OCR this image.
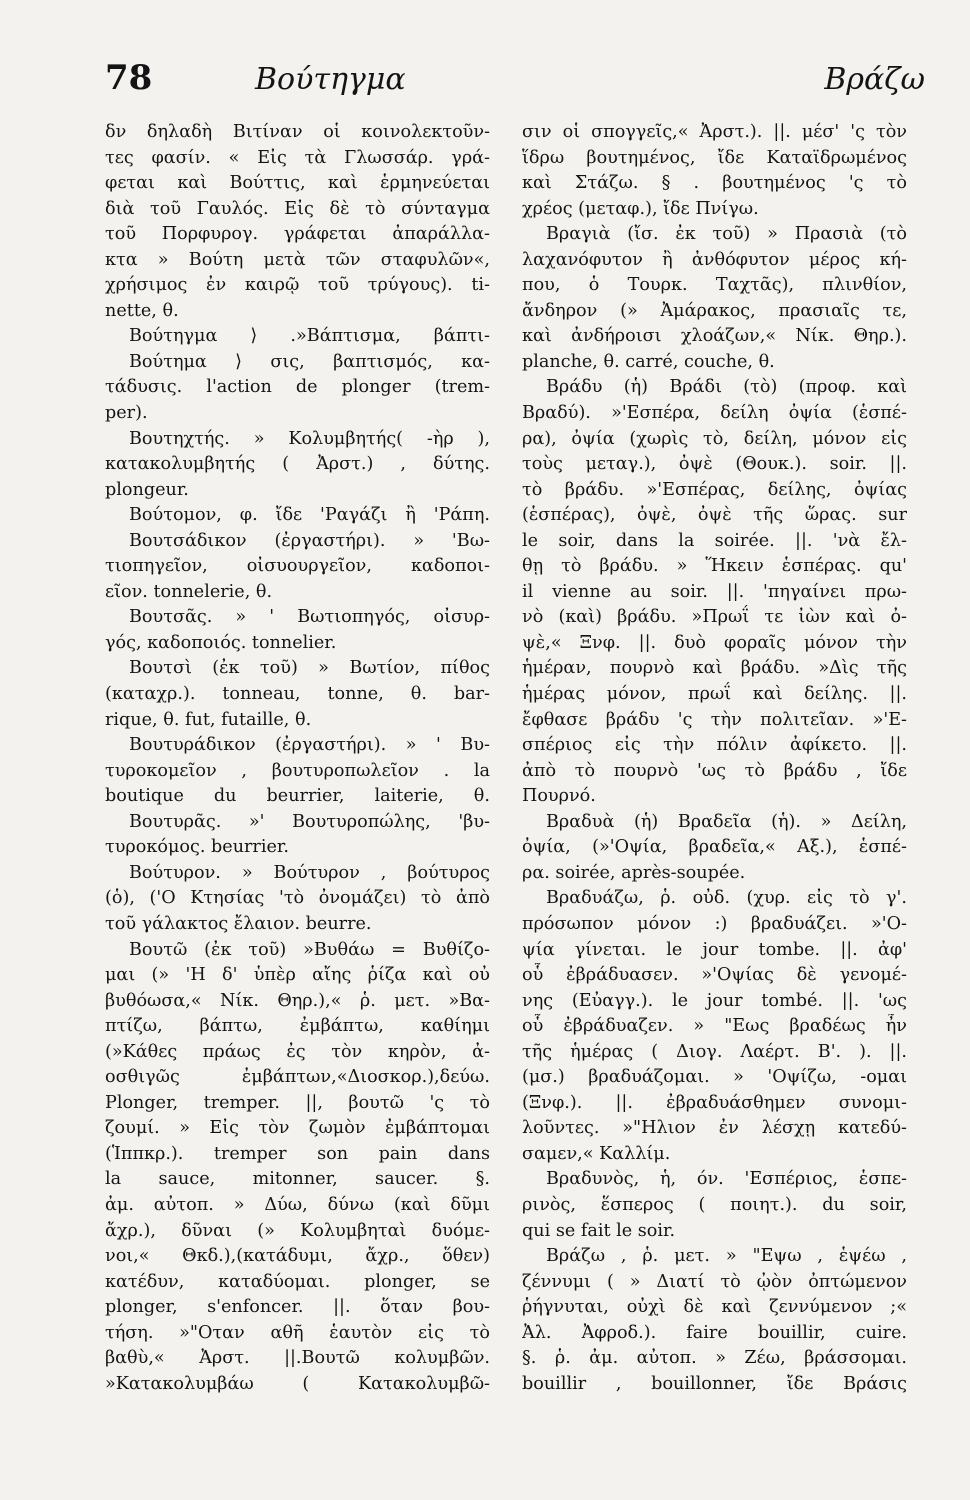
78	Βούτηγμα	Βράζω
δν δηλαδὴ Βιτίναν οἱ κοινολεκτοῦν-
τες φασίν. « Εἰς τὰ Γλωσσάρ. γρά-
φεται καὶ Βούττις, καὶ ἑρμηνεύεται
διὰ τοῦ Γαυλός. Εἰς δὲ τὸ σύνταγμα
τοῦ Πορφυρογ. γράφεται ἀπαράλλα-
κτα » Βούτη μετὰ τῶν σταφυλῶν«,
χρήσιμος ἐν καιρῷ τοῦ τρύγους). ti-
nette, θ.
Βούτηγμα ⟩ .»Βάπτισμα, βάπτι-
Βούτημα ⟩ σις, βαπτισμός, κα-
τάδυσις. l'action de plonger (trem-
per).
Βουτηχτής. » Κολυμβητής( -ὴρ ),
κατακολυμβητής ( Ἀρστ.) , δύτης.
plongeur.
Βούτομον, φ. ἴδε 'Ραγάζι ἢ 'Ράπη.
Βουτσάδικον (ἐργαστήρι). » 'Βω-
τιοπηγεῖον, οἰσυουργεῖον, καδοποι-
εῖον. tonnelerie, θ.
Βουτσᾶς. » ' Βωτιοπηγός, οἰσυρ-
γός, καδοποιός. tonnelier.
Βουτσὶ (ἐκ τοῦ) » Βωτίον, πίθος
(καταχρ.). tonneau, tonne, θ. bar-
rique, θ. fut, futaille, θ.
Βουτυράδικον (ἐργαστήρι). » ' Βυ-
τυροκομεῖον , βουτυροπωλεῖον . la
boutique du beurrier, laiterie, θ.
Βουτυρᾶς. »' Βουτυροπώλης, 'βυ-
τυροκόμος. beurrier.
Βούτυρον. » Βούτυρον , βούτυρος
(ὁ), ('Ο Κτησίας 'τὸ ὀνομάζει) τὸ ἀπὸ
τοῦ γάλακτος ἔλαιον. beurre.
Βουτῶ (ἐκ τοῦ) »Βυθάω = Βυθίζο-
μαι (» 'Η δ' ὑπὲρ αἴης ῥίζα καὶ οὐ
βυθόωσα,« Νίκ. Θηρ.),« ῥ. μετ. »Βα-
πτίζω, βάπτω, ἐμβάπτω, καθίημι
(»Κάθες πράως ἐς τὸν κηρὸν, ἀ-
οσθιγῶς ἐμβάπτων,«Διοσκορ.),δεύω.
Plonger, tremper. ||, βουτῶ 'ς τὸ
ζουμί. » Εἰς τὸν ζωμὸν ἐμβάπτομαι
(Ἱππκρ.). tremper son pain dans
la sauce, mitonner, saucer. §.
ἀμ. αὐτοπ. » Δύω, δύνω (καὶ δῦμι
ἄχρ.), δῦναι (» Κολυμβηταὶ δυόμε-
νοι,« Θκδ.),(κατάδυμι, ἄχρ., ὅθεν)
κατέδυν, καταδύομαι. plonger, se
plonger, s'enfoncer. ||. ὅταν βου-
τήση. »"Οταν αθῆ ἑαυτὸν εἰς τὸ
βαθὺ,« Ἀρστ. ||.Βουτῶ κολυμβῶν.
»Κατακολυμβάω ( Κατακολυμβῶ-
σιν οἱ σπογγεῖς,« Ἀρστ.). ||. μέσ' 'ς τὸν
ἵδρω βουτημένος, ἴδε Καταϊδρωμένος
καὶ Στάζω. § . βουτημένος 'ς τὸ
χρέος (μεταφ.), ἴδε Πνίγω.
Βραγιὰ (ἴσ. ἐκ τοῦ) » Πρασιὰ (τὸ
λαχανόφυτον ἢ ἀνθόφυτον μέρος κή-
που, ὁ Τουρκ. Ταχτᾶς), πλινθίον,
ἄνδηρον (» Ἀμάρακος, πρασιαῖς τε,
καὶ ἀνδήροισι χλοάζων,« Νίκ. Θηρ.).
planche, θ. carré, couche, θ.
Βράδυ (ἡ) Βράδι (τὸ) (προφ. καὶ
Βραδύ). »'Εσπέρα, δείλη ὀψία (ἑσπέ-
ρα), ὀψία (χωρὶς τὸ, δείλη, μόνον εἰς
τοὺς μεταγ.), ὀψὲ (Θουκ.). soir. ||.
τὸ βράδυ. »'Εσπέρας, δείλης, ὀψίας
(ἑσπέρας), ὀψὲ, ὀψὲ τῆς ὥρας. sur
le soir, dans la soirée. ||. 'νὰ ἔλ-
θῃ τὸ βράδυ. » Ἥκειν ἑσπέρας. qu'
il vienne au soir. ||. 'πηγαίνει πρω-
νὸ (καὶ) βράδυ. »Πρωΐ τε ἰὼν καὶ ὀ-
ψὲ,« Ξνφ. ||. δυὸ φοραῖς μόνον τὴν
ἡμέραν, πουρνὸ καὶ βράδυ. »Δὶς τῆς
ἡμέρας μόνον, πρωΐ καὶ δείλης. ||.
ἔφθασε βράδυ 'ς τὴν πολιτεῖαν. »'Ε-
σπέριος εἰς τὴν πόλιν ἀφίκετο. ||.
ἀπὸ τὸ πουρνὸ 'ως τὸ βράδυ , ἴδε
Πουρνό.
Βραδυὰ (ἡ) Βραδεῖα (ἡ). » Δείλη,
ὀψία, (»'Οψία, βραδεῖα,« Αξ.), ἑσπέ-
ρα. soirée, après-soupée.
Βραδυάζω, ῥ. οὐδ. (χυρ. εἰς τὸ γ'.
πρόσωπον μόνον :) βραδυάζει. »'Ο-
ψία γίνεται. le jour tombe. ||. ἀφ'
οὗ ἐβράδυασεν. »'Οψίας δὲ γενομέ-
νης (Εὐαγγ.). le jour tombé. ||. 'ως
οὗ ἐβράδυαζεν. » "Εως βραδέως ἦν
τῆς ἡμέρας ( Διογ. Λαέρτ. Β'. ). ||.
(μσ.) βραδυάζομαι. » 'Οψίζω, -ομαι
(Ξνφ.). ||. ἐβραδυάσθημεν συνομι-
λοῦντες. »"Ηλιον ἐν λέσχῃ κατεδύ-
σαμεν,« Καλλίμ.
Βραδυνὸς, ἡ, όν. 'Εσπέριος, ἑσπε-
ρινὸς, ἕσπερος ( ποιητ.). du soir,
qui se fait le soir.
Βράζω , ῥ. μετ. » "Εψω , ἑψέω ,
ζέννυμι ( » Διατί τὸ ᾠὸν ὀπτώμενον
ῥήγνυται, οὐχὶ δὲ καὶ ζεννύμενον ;«
Ἀλ. Ἀφροδ.). faire bouillir, cuire.
§. ῥ. ἀμ. αὐτοπ. » Ζέω, βράσσομαι.
bouillir , bouillonner, ἴδε Βράσις
